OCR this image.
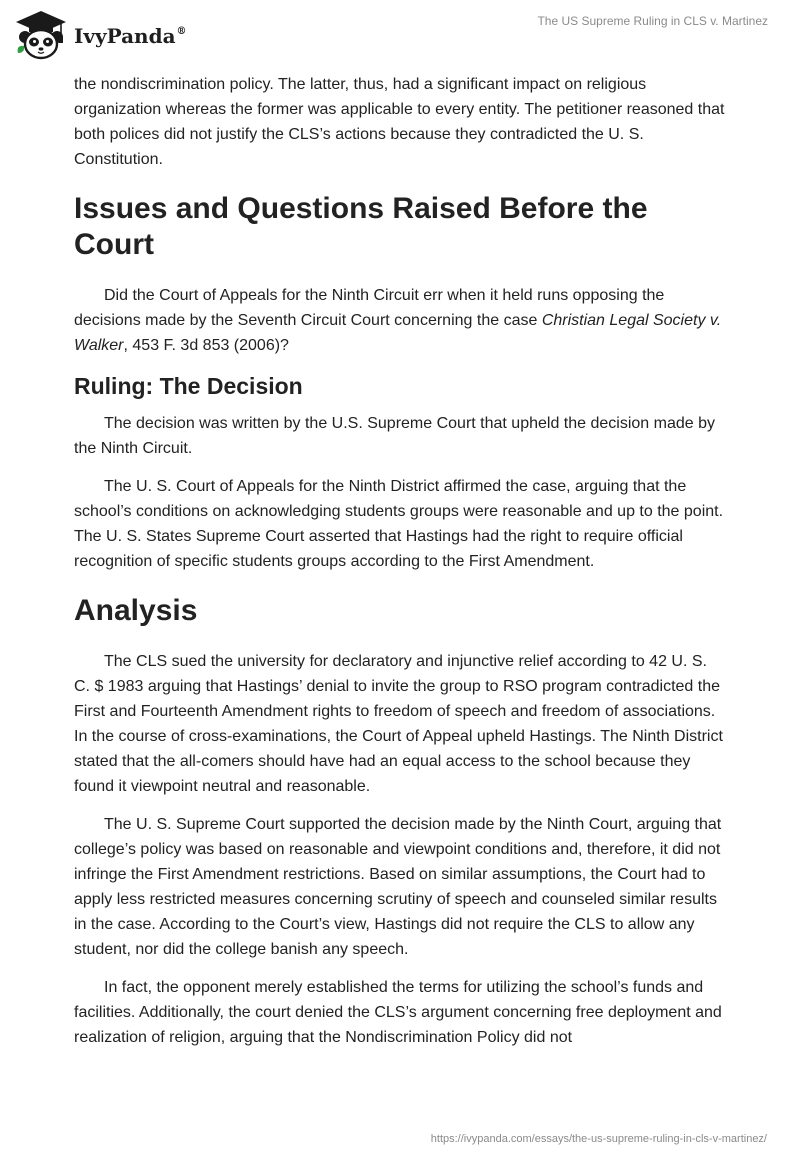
IvyPanda®
The US Supreme Ruling in CLS v. Martinez

the nondiscrimination policy. The latter, thus, had a significant impact on religious organization whereas the former was applicable to every entity. The petitioner reasoned that both polices did not justify the CLS’s actions because they contradicted the U. S. Constitution.

Issues and Questions Raised Before the Court

Did the Court of Appeals for the Ninth Circuit err when it held runs opposing the decisions made by the Seventh Circuit Court concerning the case Christian Legal Society v. Walker, 453 F. 3d 853 (2006)?

Ruling: The Decision

The decision was written by the U.S. Supreme Court that upheld the decision made by the Ninth Circuit.

The U. S. Court of Appeals for the Ninth District affirmed the case, arguing that the school’s conditions on acknowledging students groups were reasonable and up to the point. The U. S. States Supreme Court asserted that Hastings had the right to require official recognition of specific students groups according to the First Amendment.

Analysis

The CLS sued the university for declaratory and injunctive relief according to 42 U. S. C. $ 1983 arguing that Hastings’ denial to invite the group to RSO program contradicted the First and Fourteenth Amendment rights to freedom of speech and freedom of associations. In the course of cross-examinations, the Court of Appeal upheld Hastings. The Ninth District stated that the all-comers should have had an equal access to the school because they found it viewpoint neutral and reasonable.

The U. S. Supreme Court supported the decision made by the Ninth Court, arguing that college’s policy was based on reasonable and viewpoint conditions and, therefore, it did not infringe the First Amendment restrictions. Based on similar assumptions, the Court had to apply less restricted measures concerning scrutiny of speech and counseled similar results in the case. According to the Court’s view, Hastings did not require the CLS to allow any student, nor did the college banish any speech.

In fact, the opponent merely established the terms for utilizing the school’s funds and facilities. Additionally, the court denied the CLS’s argument concerning free deployment and realization of religion, arguing that the Nondiscrimination Policy did not

https://ivypanda.com/essays/the-us-supreme-ruling-in-cls-v-martinez/
